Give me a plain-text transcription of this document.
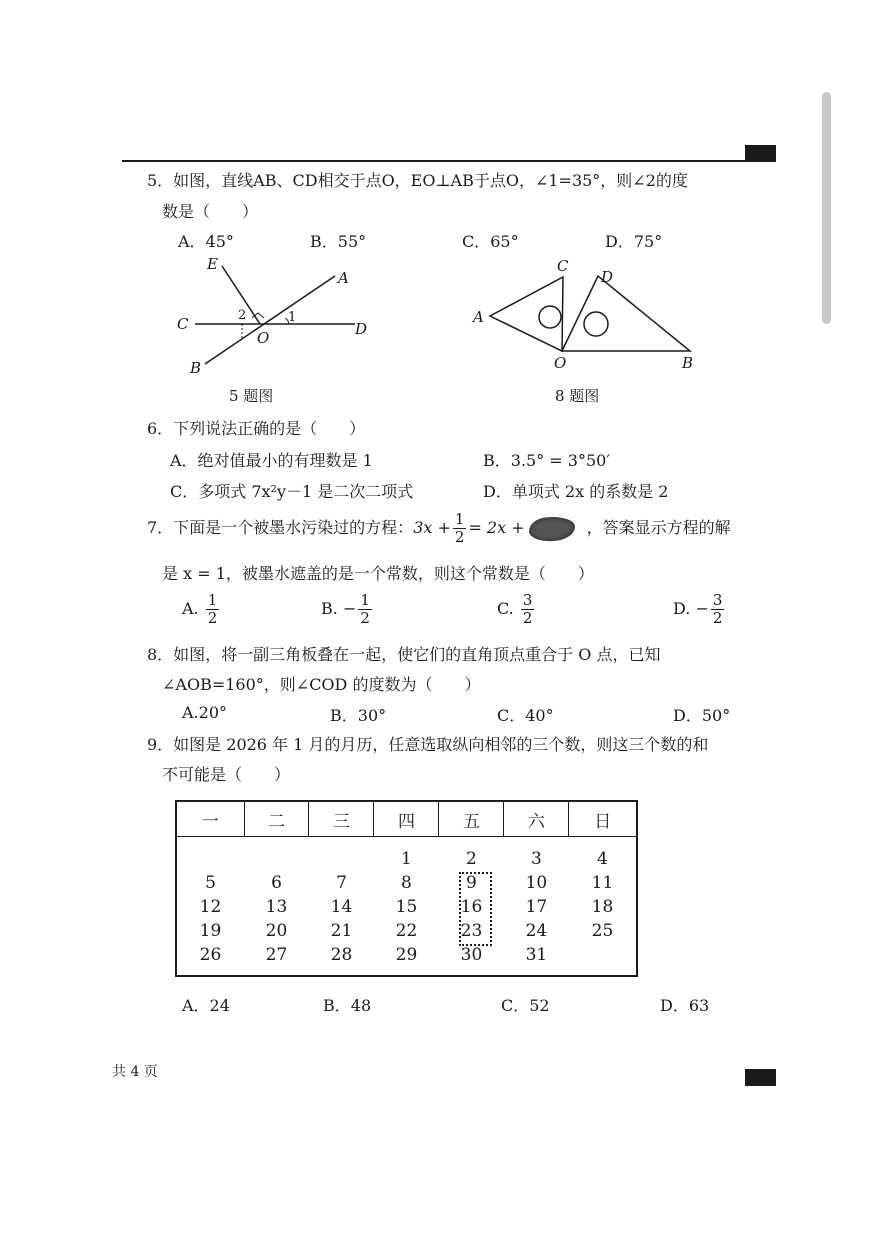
5．如图，直线AB、CD相交于点O，EO⊥AB于点O，∠1=35°，则∠2的度
数是（　　）
A．45°	B．55°	C．65°	D．75°
E
A
C	D
O
B
1
2
5 题图
C
D
A
O	B
8 题图
6．下列说法正确的是（　　）
A．绝对值最小的有理数是 1	B．3.5° = 3°50′
C．多项式 7x²y－1 是二次二项式	D．单项式 2x 的系数是 2
7．下面是一个被墨水污染过的方程：$3x + \frac{1}{2} = 2x$ +	，答案显示方程的解
是 x = 1，被墨水遮盖的是一个常数，则这个常数是（　　）
A. $\frac{1}{2}$	B. − $\frac{1}{2}$	C. $\frac{3}{2}$	D. − $\frac{3}{2}$
8．如图，将一副三角板叠在一起，使它们的直角顶点重合于 O 点，已知
∠AOB=160°，则∠COD 的度数为（　　）
A.20°	B．30°	C．40°	D．50°
9．如图是 2026 年 1 月的月历，任意选取纵向相邻的三个数，则这三个数的和
不可能是（　　）
一	二	三	四	五	六	日

			1	2	3	4
5	6	7	8	9	10	11
12	13	14	15	16	17	18
19	20	21	22	23	24	25
26	27	28	29	30	31	

A．24	B．48	C．52	D．63
共 4 页
